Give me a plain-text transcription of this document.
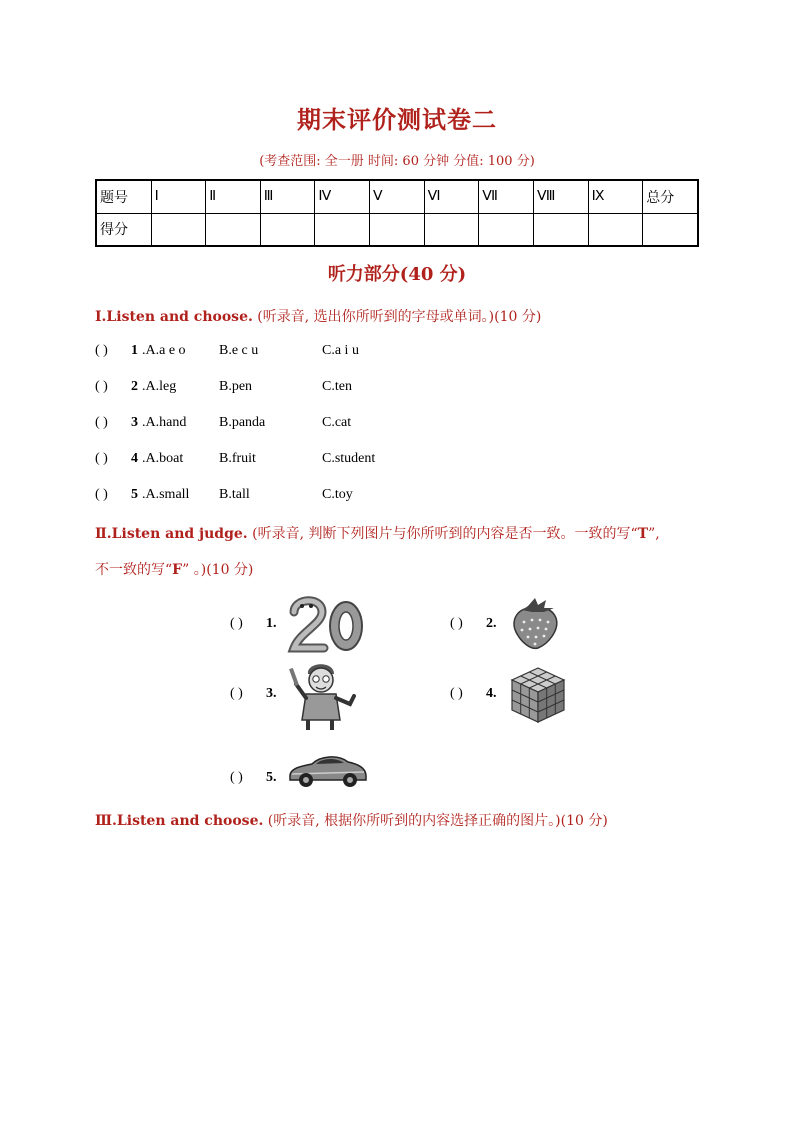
期末评价测试卷二
(考查范围: 全一册 时间: 60 分钟 分值: 100 分)
题号	Ⅰ	Ⅱ	Ⅲ	Ⅳ	Ⅴ	Ⅵ	Ⅶ	Ⅷ	Ⅸ	总分
得分										
听力部分(40 分)
Ⅰ.Listen and choose. (听录音, 选出你所听到的字母或单词。)(10 分)
( ) 1 .A.a e o B.e c u	C.a i u
( ) 2 .A.leg	B.pen	C.ten
( ) 3 .A.hand B.panda	C.cat
( ) 4 .A.boat	B.fruit	C.student
( ) 5 .A.small B.tall	C.toy
Ⅱ.Listen and judge. (听录音, 判断下列图片与你所听到的内容是否一致。一致的写“T”,
不一致的写“F” 。)(10 分)
( ) 1.	( ) 2.
( ) 3.	( ) 4.
( ) 5.
Ⅲ.Listen and choose. (听录音, 根据你所听到的内容选择正确的图片。)(10 分)
